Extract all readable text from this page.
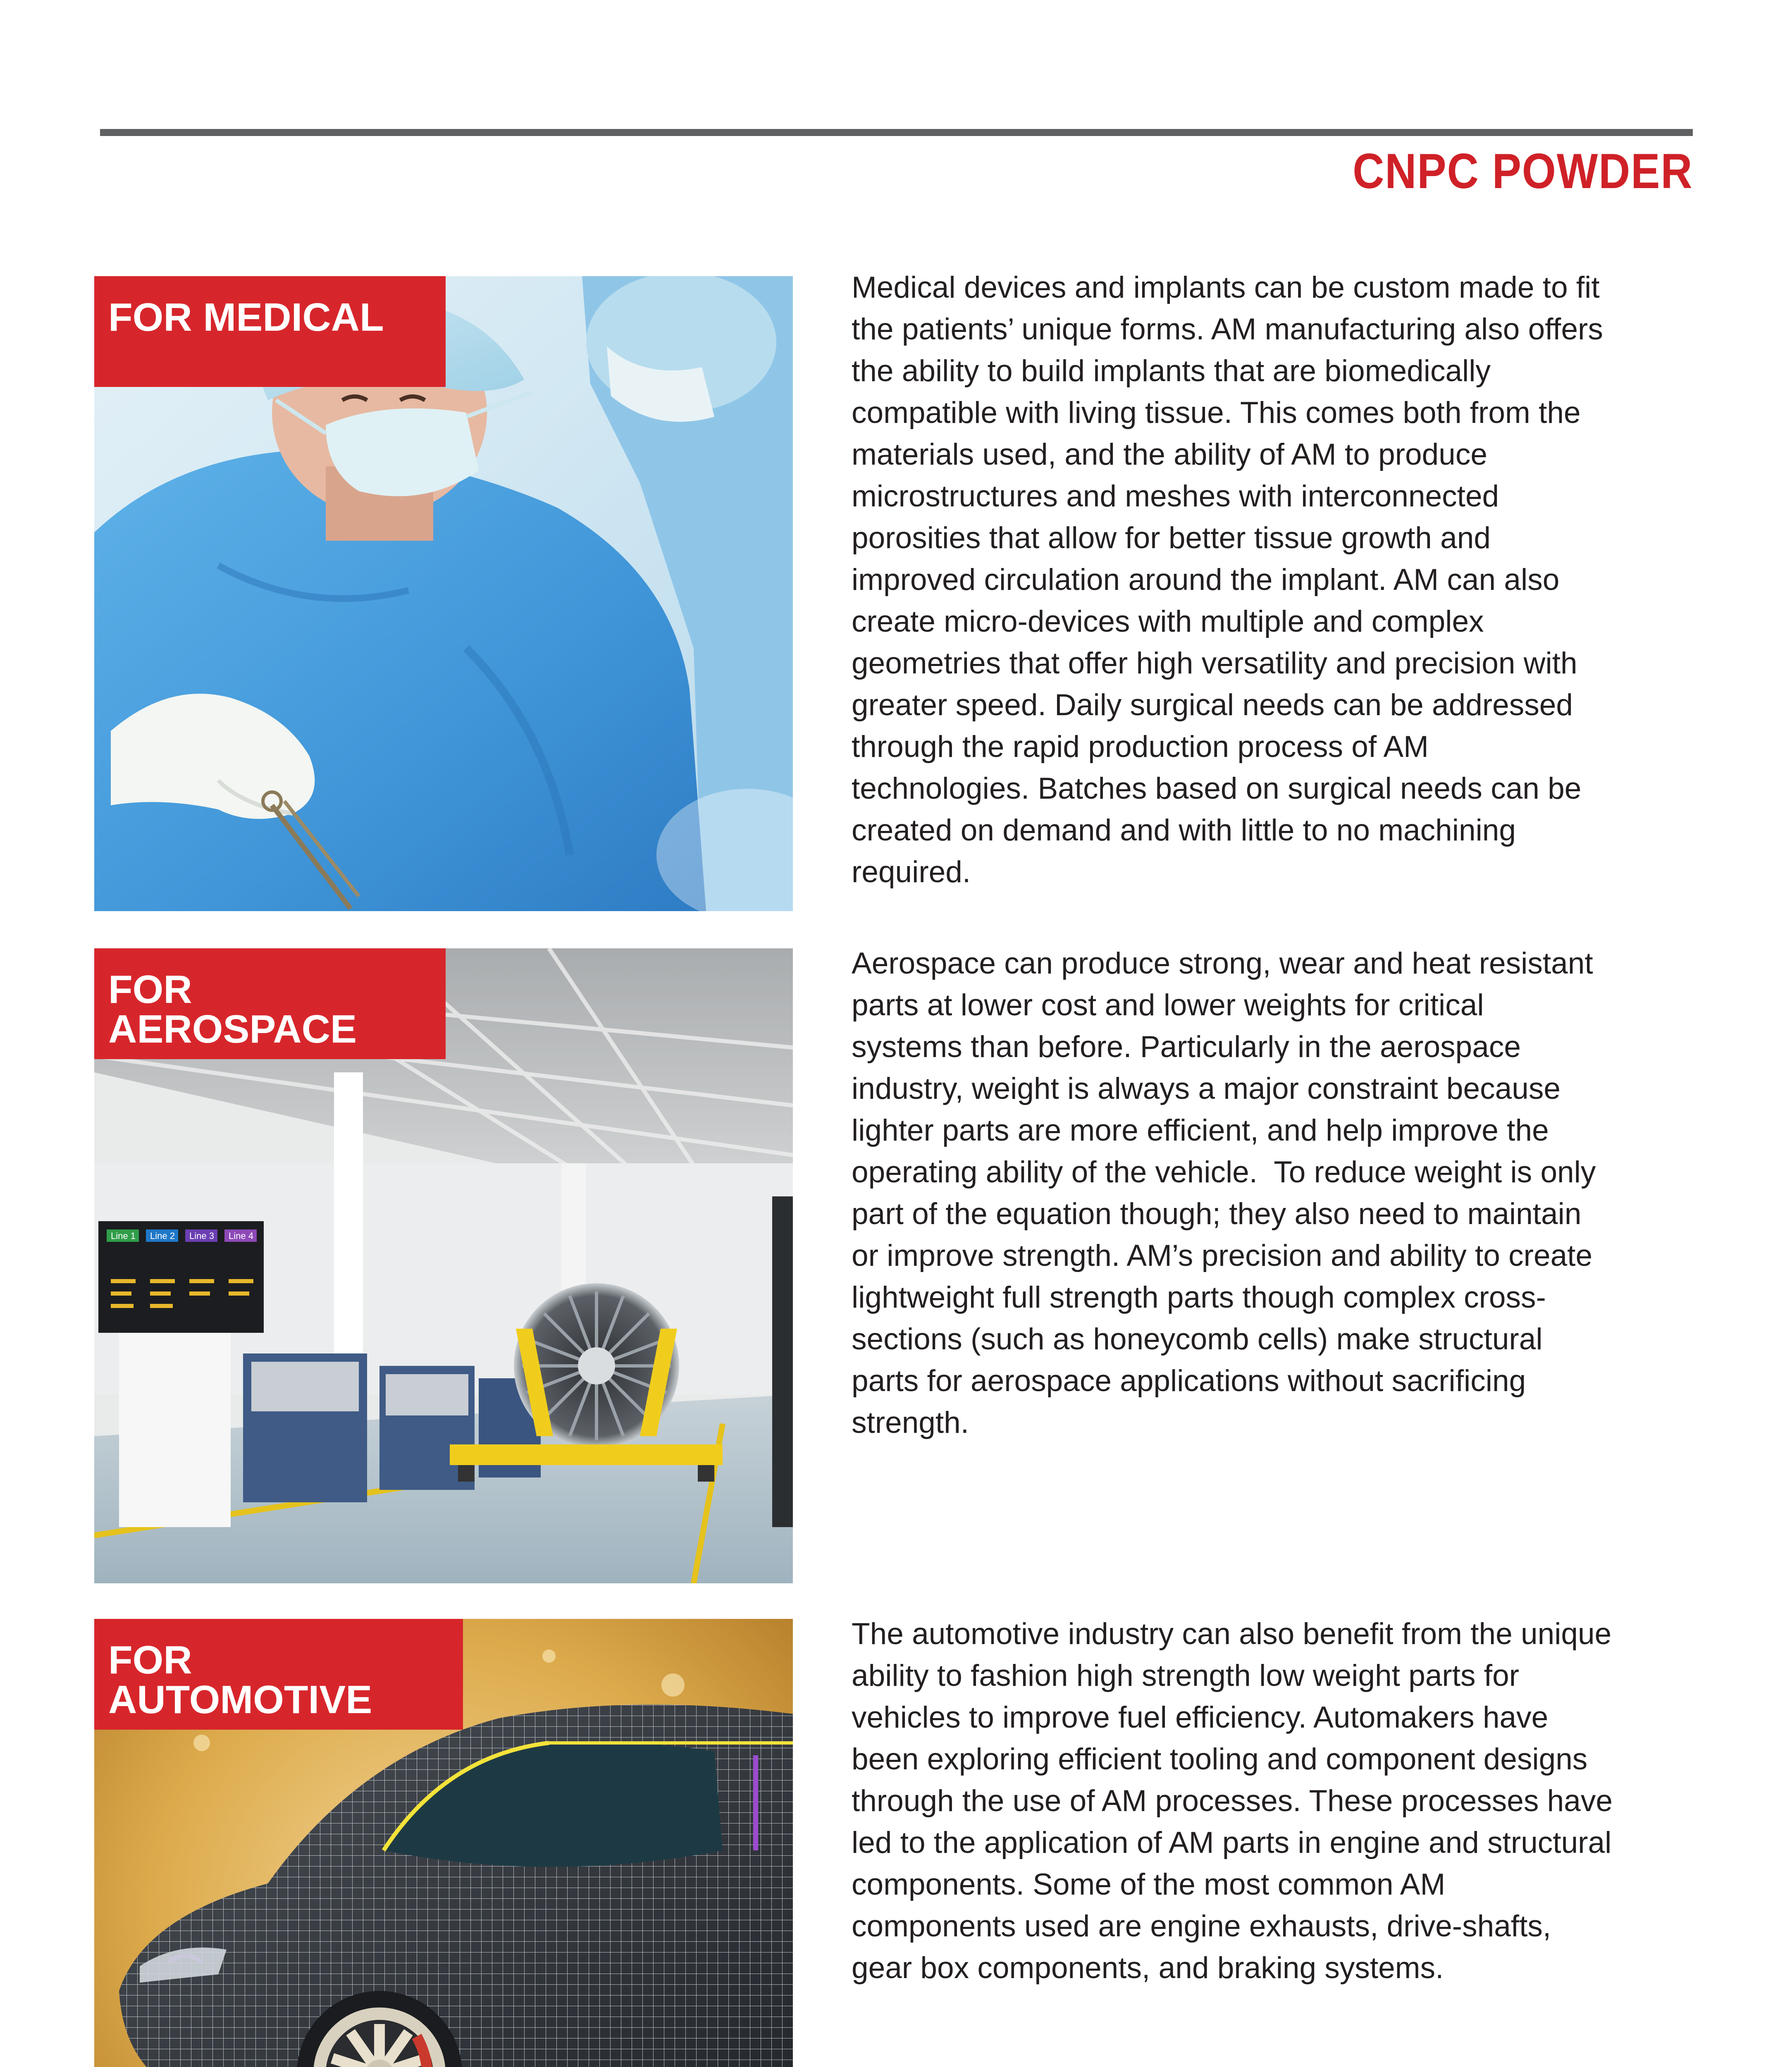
CNPC POWDER
FOR MEDICAL
Medical devices and implants can be custom made to fit
the patients’ unique forms. AM manufacturing also offers
the ability to build implants that are biomedically
compatible with living tissue. This comes both from the
materials used, and the ability of AM to produce
microstructures and meshes with interconnected
porosities that allow for better tissue growth and
improved circulation around the implant. AM can also
create micro-devices with multiple and complex
geometries that offer high versatility and precision with
greater speed. Daily surgical needs can be addressed
through the rapid production process of AM
technologies. Batches based on surgical needs can be
created on demand and with little to no machining
required.
Line 1 Line 2 Line 3 Line 4
FOR AEROSPACE
Aerospace can produce strong, wear and heat resistant
parts at lower cost and lower weights for critical
systems than before. Particularly in the aerospace
industry, weight is always a major constraint because
lighter parts are more efficient, and help improve the
operating ability of the vehicle.  To reduce weight is only
part of the equation though; they also need to maintain
or improve strength. AM’s precision and ability to create
lightweight full strength parts though complex cross-
sections (such as honeycomb cells) make structural
parts for aerospace applications without sacrificing
strength.
FOR AUTOMOTIVE
The automotive industry can also benefit from the unique
ability to fashion high strength low weight parts for
vehicles to improve fuel efficiency. Automakers have
been exploring efficient tooling and component designs
through the use of AM processes. These processes have
led to the application of AM parts in engine and structural
components. Some of the most common AM
components used are engine exhausts, drive-shafts,
gear box components, and braking systems.
